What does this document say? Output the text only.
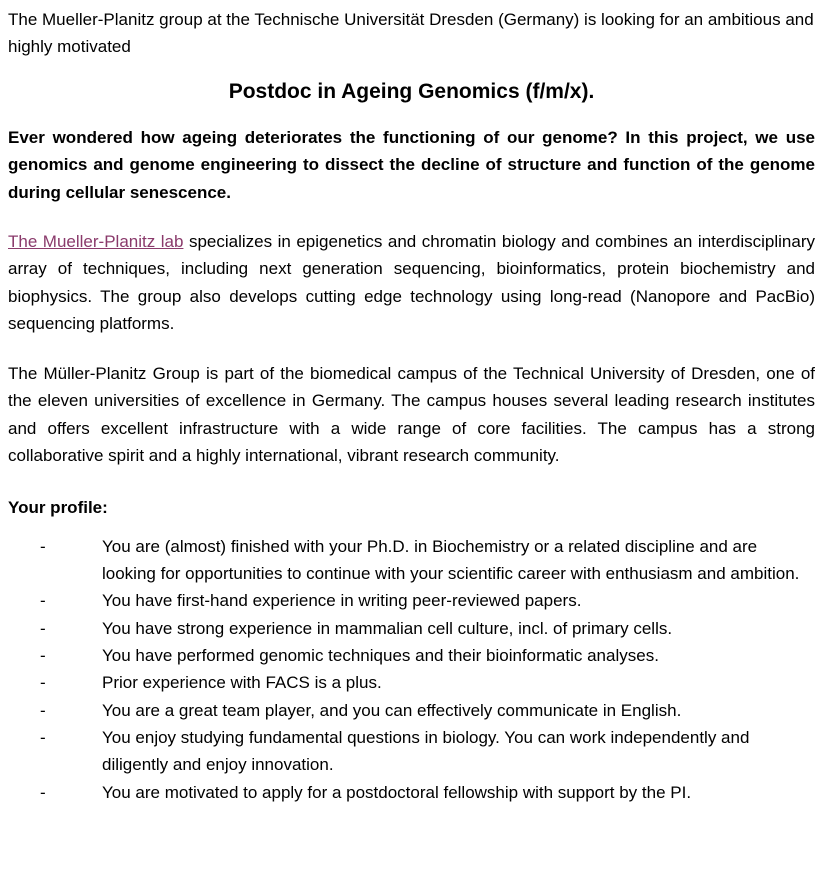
The Mueller-Planitz group at the Technische Universität Dresden (Germany) is looking for an ambitious and highly motivated

Postdoc in Ageing Genomics (f/m/x).

Ever wondered how ageing deteriorates the functioning of our genome? In this project, we use genomics and genome engineering to dissect the decline of structure and function of the genome during cellular senescence.

The Mueller-Planitz lab specializes in epigenetics and chromatin biology and combines an interdisciplinary array of techniques, including next generation sequencing, bioinformatics, protein biochemistry and biophysics. The group also develops cutting edge technology using long-read (Nanopore and PacBio) sequencing platforms.

The Müller-Planitz Group is part of the biomedical campus of the Technical University of Dresden, one of the eleven universities of excellence in Germany. The campus houses several leading research institutes and offers excellent infrastructure with a wide range of core facilities. The campus has a strong collaborative spirit and a highly international, vibrant research community.

Your profile:

-	You are (almost) finished with your Ph.D. in Biochemistry or a related discipline and are looking for opportunities to continue with your scientific career with enthusiasm and ambition.
-	You have first-hand experience in writing peer-reviewed papers.
-	You have strong experience in mammalian cell culture, incl. of primary cells.
-	You have performed genomic techniques and their bioinformatic analyses.
-	Prior experience with FACS is a plus.
-	You are a great team player, and you can effectively communicate in English.
-	You enjoy studying fundamental questions in biology. You can work independently and diligently and enjoy innovation.
-	You are motivated to apply for a postdoctoral fellowship with support by the PI.
